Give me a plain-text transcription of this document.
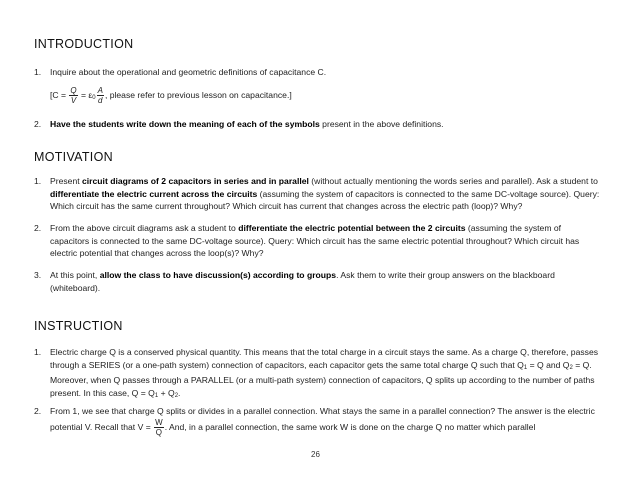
INTRODUCTION
1.	Inquire about the operational and geometric definitions of capacitance C.
[$C = \frac{Q}{V} = \varepsilon_0 \frac{A}{d}$ , please refer to previous lesson on capacitance.]
2.	Have the students write down the meaning of each of the symbols present in the above definitions.
MOTIVATION
1.	Present circuit diagrams of 2 capacitors in series and in parallel (without actually mentioning the words series and parallel). Ask a student to differentiate the electric current across the circuits (assuming the system of capacitors is connected to the same DC-voltage source). Query: Which circuit has the same current throughout? Which circuit has current that changes across the electric path (loop)? Why?
2.	From the above circuit diagrams ask a student to differentiate the electric potential between the 2 circuits (assuming the system of capacitors is connected to the same DC-voltage source). Query: Which circuit has the same electric potential throughout? Which circuit has electric potential that changes across the loop(s)? Why?
3.	At this point, allow the class to have discussion(s) according to groups. Ask them to write their group answers on the blackboard (whiteboard).
INSTRUCTION
1.	Electric charge Q is a conserved physical quantity. This means that the total charge in a circuit stays the same. As a charge Q, therefore, passes through a SERIES (or a one-path system) connection of capacitors, each capacitor gets the same total charge Q such that $Q_1 = Q$ and $Q_2 = Q$. Moreover, when Q passes through a PARALLEL (or a multi-path system) connection of capacitors, Q splits up according to the number of paths present. In this case, $Q = Q_1 + Q_2$.
2.	From 1, we see that charge Q splits or divides in a parallel connection. What stays the same in a parallel connection? The answer is the electric potential V. Recall that $V = \frac{W}{Q}$ . And, in a parallel connection, the same work W is done on the charge Q no matter which parallel
26
